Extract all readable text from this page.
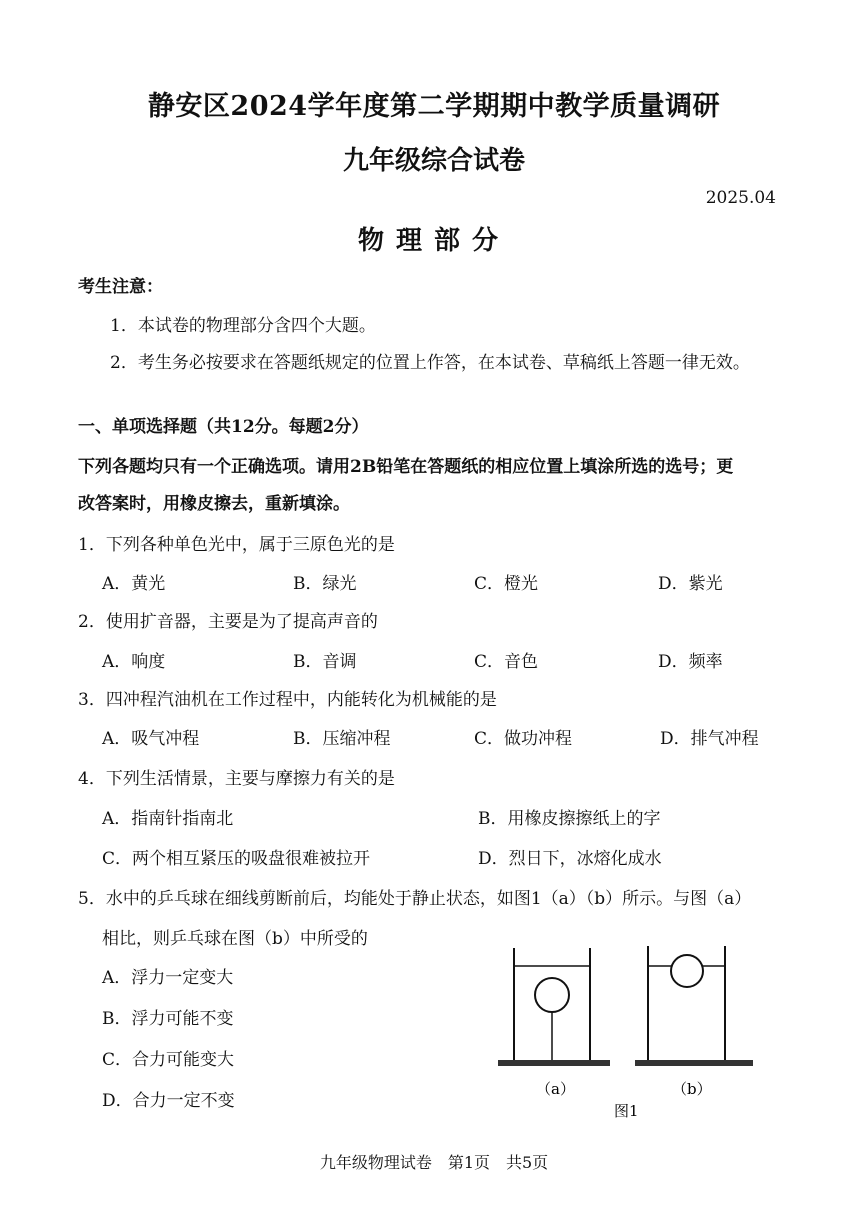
静安区2024学年度第二学期期中教学质量调研
九年级综合试卷
2025.04
物理部分
考生注意：
1．本试卷的物理部分含四个大题。
2．考生务必按要求在答题纸规定的位置上作答，在本试卷、草稿纸上答题一律无效。
一、单项选择题（共12分。每题2分）
下列各题均只有一个正确选项。请用2B铅笔在答题纸的相应位置上填涂所选的选号；更
改答案时，用橡皮擦去，重新填涂。
1．下列各种单色光中，属于三原色光的是
A．黄光	B．绿光	C．橙光	D．紫光
2．使用扩音器，主要是为了提高声音的
A．响度	B．音调	C．音色	D．频率
3．四冲程汽油机在工作过程中，内能转化为机械能的是
A．吸气冲程	B．压缩冲程	C．做功冲程	D．排气冲程
4．下列生活情景，主要与摩擦力有关的是
A．指南针指南北	B．用橡皮擦擦纸上的字
C．两个相互紧压的吸盘很难被拉开	D．烈日下，冰熔化成水
5．水中的乒乓球在细线剪断前后，均能处于静止状态，如图1（a）（b）所示。与图（a）
相比，则乒乓球在图（b）中所受的
A．浮力一定变大
B．浮力可能不变
C．合力可能变大
D．合力一定不变
（a）	（b）
图1
九年级物理试卷　第1页　共5页
